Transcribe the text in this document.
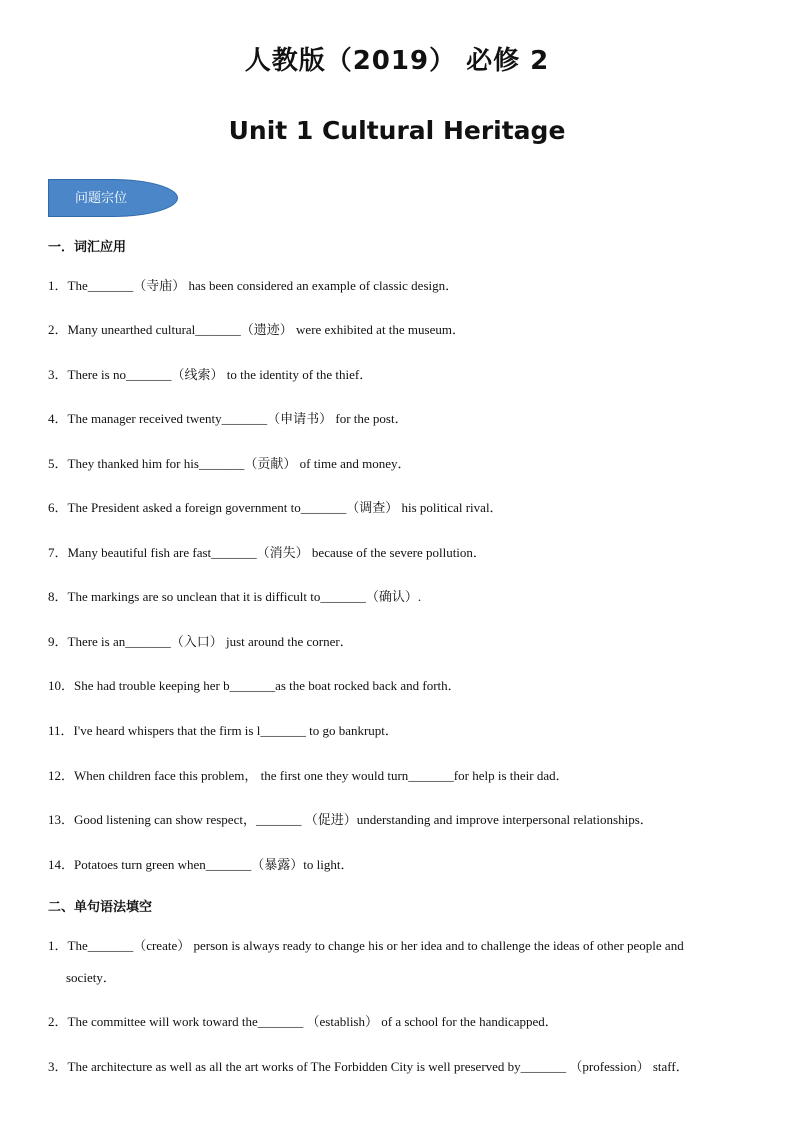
人教版（2019） 必修 2
Unit 1 Cultural Heritage
问题宗位
一．词汇应用
1．The_______（寺庙） has been considered an example of classic design．
2．Many unearthed cultural_______（遗迹） were exhibited at the museum．
3．There is no_______（线索） to the identity of the thief．
4．The manager received twenty_______（申请书） for the post．
5．They thanked him for his_______（贡献） of time and money．
6．The President asked a foreign government to_______（调查） his political rival．
7．Many beautiful fish are fast_______（消失） because of the severe pollution．
8．The markings are so unclean that it is difficult to_______（确认）.
9．There is an_______（入口） just around the corner．
10．She had trouble keeping her b_______as the boat rocked back and forth．
11．I've heard whispers that the firm is l_______ to go bankrupt．
12．When children face this problem， the first one they would turn_______for help is their dad．
13．Good listening can show respect，_______ （促进）understanding and improve interpersonal relationships．
14．Potatoes turn green when_______（暴露）to light．
二、单句语法填空
1．The_______（create） person is always ready to change his or her idea and to challenge the ideas of other people and
society．
2．The committee will work toward the_______ （establish） of a school for the handicapped．
3．The architecture as well as all the art works of The Forbidden City is well preserved by_______ （profession） staff．
